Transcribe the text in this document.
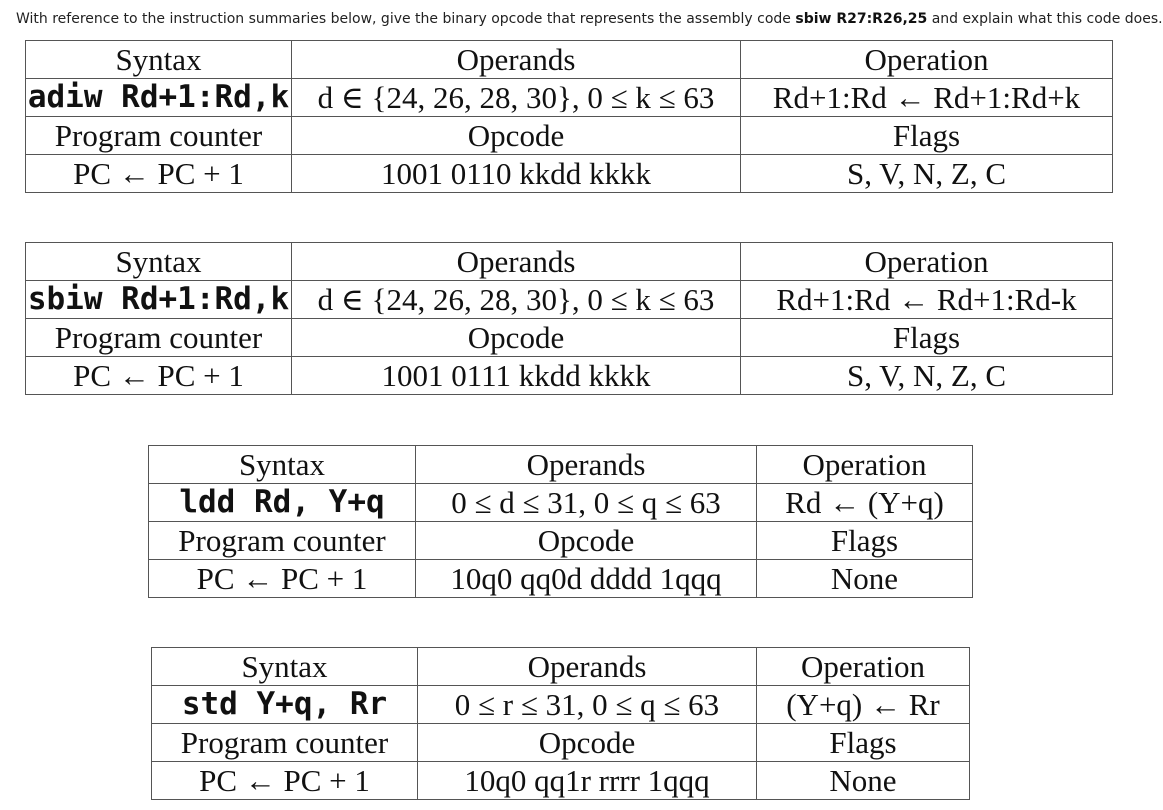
With reference to the instruction summaries below, give the binary opcode that represents the assembly code sbiw R27:R26,25 and explain what this code does.
Syntax	Operands	Operation
adiw Rd+1:Rd,k	d ∈ {24, 26, 28, 30}, 0 ≤ k ≤ 63	Rd+1:Rd ← Rd+1:Rd+k
Program counter	Opcode	Flags
PC ← PC + 1	1001 0110 kkdd kkkk	S, V, N, Z, C
Syntax	Operands	Operation
sbiw Rd+1:Rd,k	d ∈ {24, 26, 28, 30}, 0 ≤ k ≤ 63	Rd+1:Rd ← Rd+1:Rd-k
Program counter	Opcode	Flags
PC ← PC + 1	1001 0111 kkdd kkkk	S, V, N, Z, C
Syntax	Operands	Operation
ldd Rd, Y+q	0 ≤ d ≤ 31, 0 ≤ q ≤ 63	Rd ← (Y+q)
Program counter	Opcode	Flags
PC ← PC + 1	10q0 qq0d dddd 1qqq	None
Syntax	Operands	Operation
std Y+q, Rr	0 ≤ r ≤ 31, 0 ≤ q ≤ 63	(Y+q) ← Rr
Program counter	Opcode	Flags
PC ← PC + 1	10q0 qq1r rrrr 1qqq	None
